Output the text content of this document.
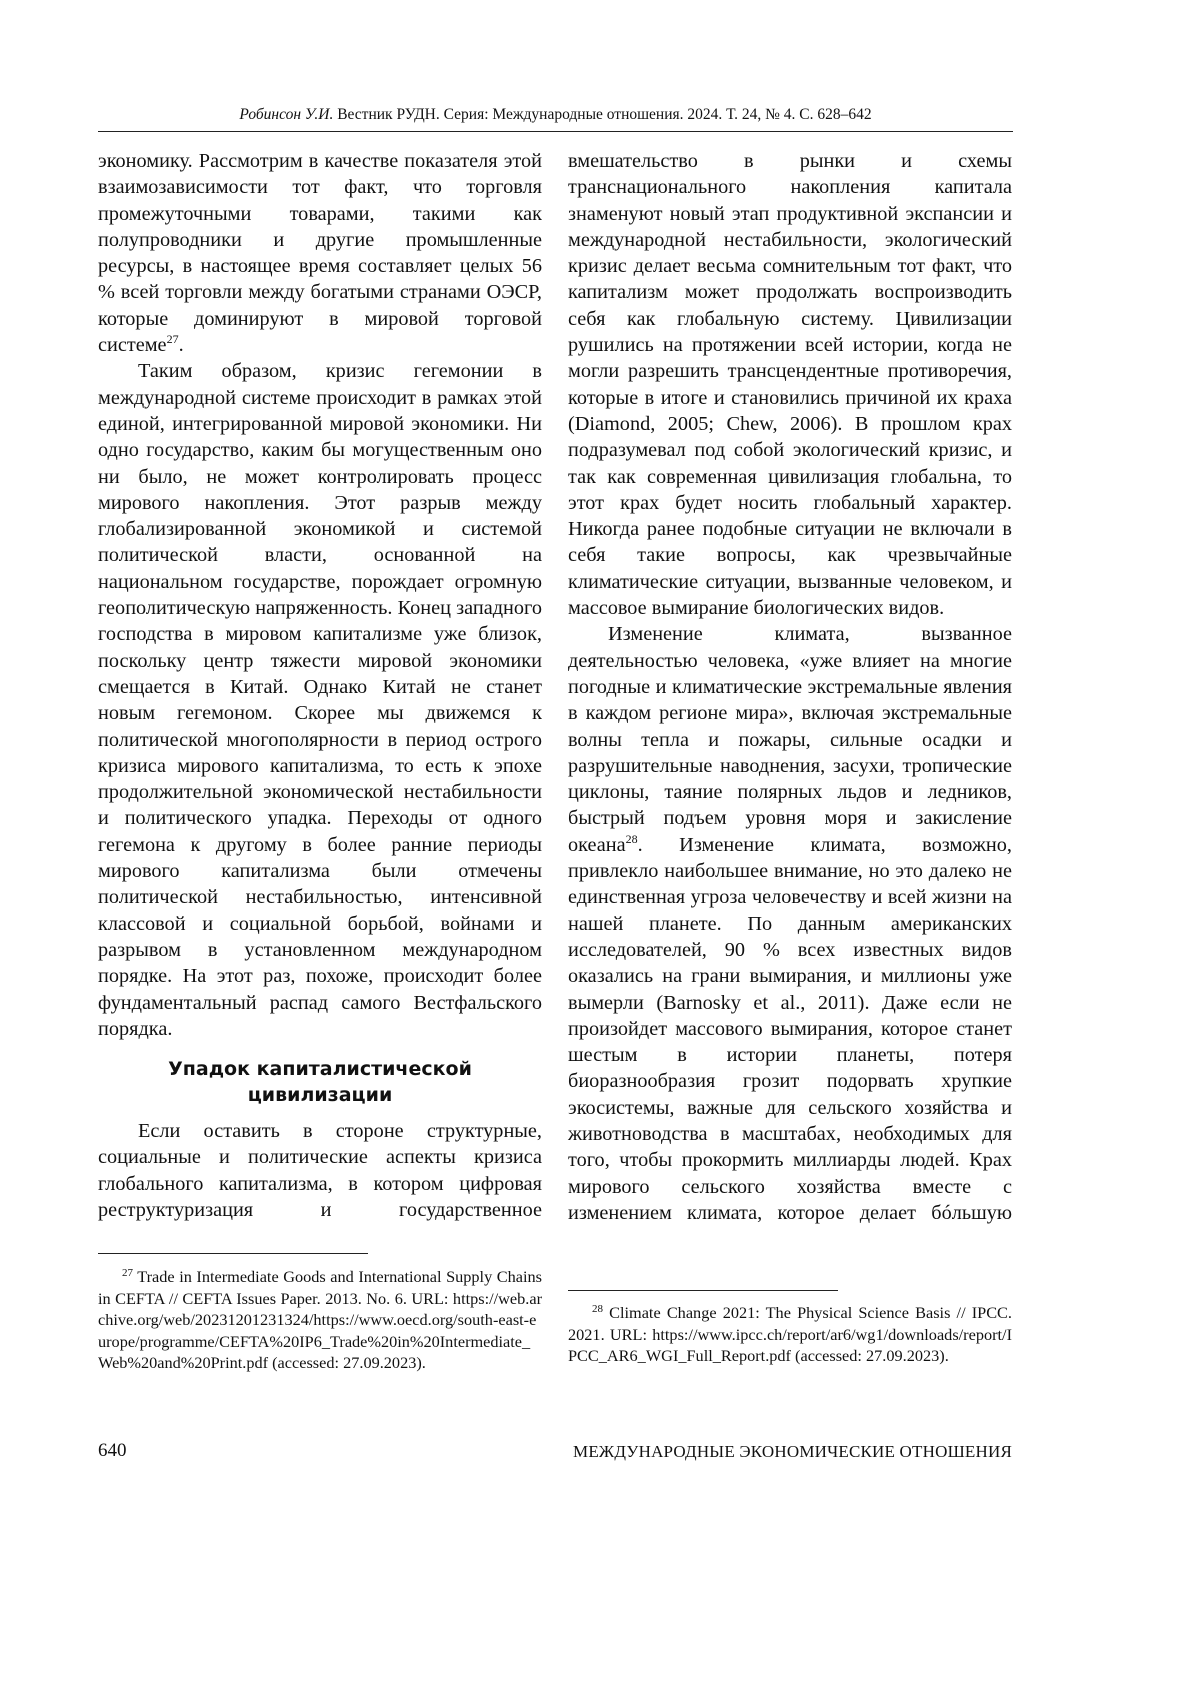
Робинсон У.И. Вестник РУДН. Серия: Международные отношения. 2024. Т. 24, № 4. С. 628–642

экономику. Рассмотрим в качестве показателя этой взаимозависимости тот факт, что торговля промежуточными товарами, такими как полупроводники и другие промышленные ресурсы, в настоящее время составляет целых 56 % всей торговли между богатыми странами ОЭСР, которые доминируют в мировой торговой системе27.

Таким образом, кризис гегемонии в международной системе происходит в рамках этой единой, интегрированной мировой экономики. Ни одно государство, каким бы могущественным оно ни было, не может контролировать процесс мирового накопления. Этот разрыв между глобализированной экономикой и системой политической власти, основанной на национальном государстве, порождает огромную геополитическую напряженность. Конец западного господства в мировом капитализме уже близок, поскольку центр тяжести мировой экономики смещается в Китай. Однако Китай не станет новым гегемоном. Скорее мы движемся к политической многополярности в период острого кризиса мирового капитализма, то есть к эпохе продолжительной экономической нестабильности и политического упадка. Переходы от одного гегемона к другому в более ранние периоды мирового капитализма были отмечены политической нестабильностью, интенсивной классовой и социальной борьбой, войнами и разрывом в установленном международном порядке. На этот раз, похоже, происходит более фундаментальный распад самого Вестфальского порядка.

Упадок капиталистической цивилизации

Если оставить в стороне структурные, социальные и политические аспекты кризиса глобального капитализма, в котором цифровая реструктуризация и государственное

вмешательство в рынки и схемы транснационального накопления капитала знаменуют новый этап продуктивной экспансии и международной нестабильности, экологический кризис делает весьма сомнительным тот факт, что капитализм может продолжать воспроизводить себя как глобальную систему. Цивилизации рушились на протяжении всей истории, когда не могли разрешить трансцендентные противоречия, которые в итоге и становились причиной их краха (Diamond, 2005; Chew, 2006). В прошлом крах подразумевал под собой экологический кризис, и так как современная цивилизация глобальна, то этот крах будет носить глобальный характер. Никогда ранее подобные ситуации не включали в себя такие вопросы, как чрезвычайные климатические ситуации, вызванные человеком, и массовое вымирание биологических видов.

Изменение климата, вызванное деятельностью человека, «уже влияет на многие погодные и климатические экстремальные явления в каждом регионе мира», включая экстремальные волны тепла и пожары, сильные осадки и разрушительные наводнения, засухи, тропические циклоны, таяние полярных льдов и ледников, быстрый подъем уровня моря и закисление океана28. Изменение климата, возможно, привлекло наибольшее внимание, но это далеко не единственная угроза человечеству и всей жизни на нашей планете. По данным американских исследователей, 90 % всех известных видов оказались на грани вымирания, и миллионы уже вымерли (Barnosky et al., 2011). Даже если не произойдет массового вымирания, которое станет шестым в истории планеты, потеря биоразнообразия грозит подорвать хрупкие экосистемы, важные для сельского хозяйства и животноводства в масштабах, необходимых для того, чтобы прокормить миллиарды людей. Крах мирового сельского хозяйства вместе с изменением климата, которое делает бóльшую

27 Trade in Intermediate Goods and International Supply Chains in CEFTA // CEFTA Issues Paper. 2013. No. 6. URL: https://web.archive.org/web/20231201231324/https://www.oecd.org/south-east-europe/programme/CEFTA%20IP6_Trade%20in%20Intermediate_Web%20and%20Print.pdf (accessed: 27.09.2023).
28 Climate Change 2021: The Physical Science Basis // IPCC. 2021. URL: https://www.ipcc.ch/report/ar6/wg1/downloads/report/IPCC_AR6_WGI_Full_Report.pdf (accessed: 27.09.2023).
640	МЕЖДУНАРОДНЫЕ ЭКОНОМИЧЕСКИЕ ОТНОШЕНИЯ
